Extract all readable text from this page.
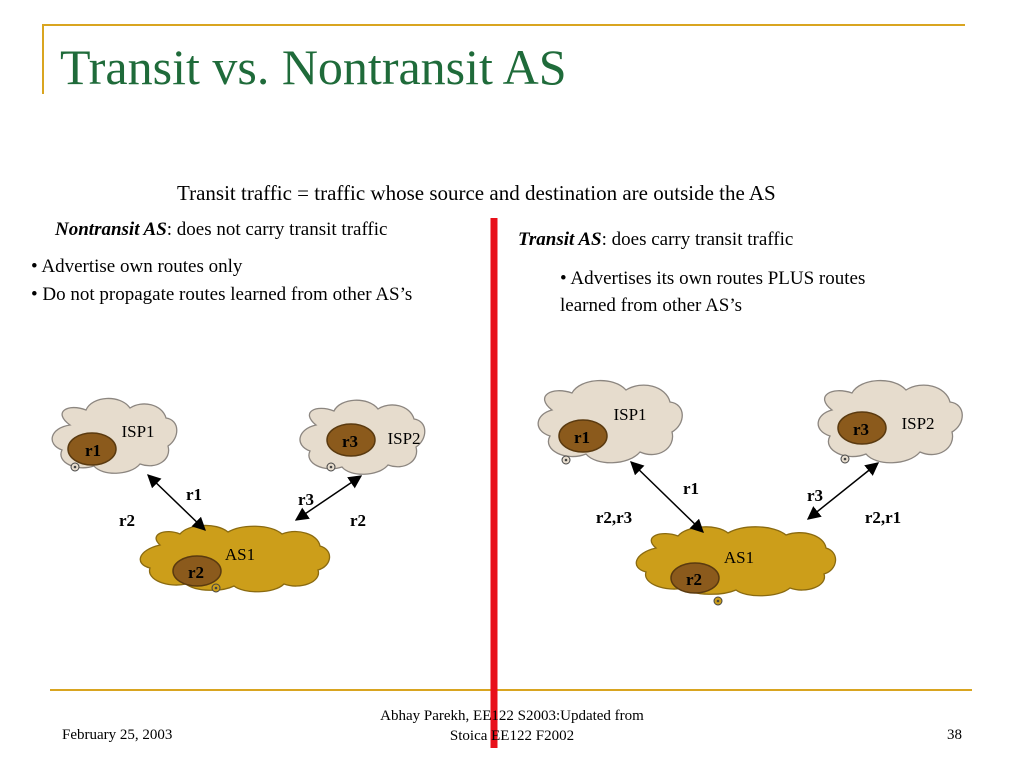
Transit vs. Nontransit AS
Transit traffic = traffic whose source and destination are outside the AS
Nontransit AS: does not carry transit traffic
• Advertise own routes only
• Do not propagate routes learned from other AS’s
Transit AS: does carry transit traffic
• Advertises its own routes PLUS routes
learned from other AS’s
r1
ISP1
r3 ISP2
r2
AS1
r1
r2
r3
r2
r1
ISP1
r3 ISP2
r2
AS1
r1
r2,r3
r3
r2,r1
February 25, 2003
Abhay Parekh, EE122 S2003:Updated from
Stoica EE122 F2002	38
